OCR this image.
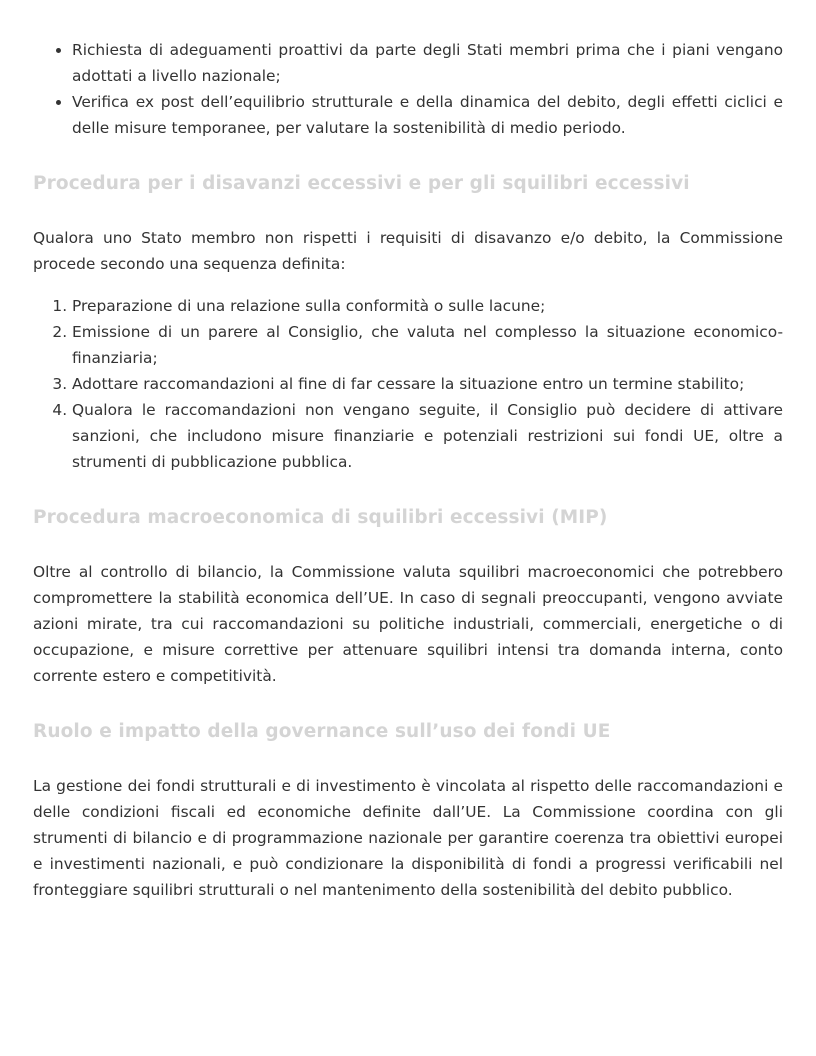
• Richiesta di adeguamenti proattivi da parte degli Stati membri prima che i piani vengano adottati a livello nazionale;
• Verifica ex post dell’equilibrio strutturale e della dinamica del debito, degli effetti ciclici e delle misure temporanee, per valutare la sostenibilità di medio periodo.
Procedura per i disavanzi eccessivi e per gli squilibri eccessivi

Qualora uno Stato membro non rispetti i requisiti di disavanzo e/o debito, la Commissione procede secondo una sequenza definita:

1. Preparazione di una relazione sulla conformità o sulle lacune;
2. Emissione di un parere al Consiglio, che valuta nel complesso la situazione economico-finanziaria;
3. Adottare raccomandazioni al fine di far cessare la situazione entro un termine stabilito;
4. Qualora le raccomandazioni non vengano seguite, il Consiglio può decidere di attivare sanzioni, che includono misure finanziarie e potenziali restrizioni sui fondi UE, oltre a strumenti di pubblicazione pubblica.
Procedura macroeconomica di squilibri eccessivi (MIP)

Oltre al controllo di bilancio, la Commissione valuta squilibri macroeconomici che potrebbero compromettere la stabilità economica dell’UE. In caso di segnali preoccupanti, vengono avviate azioni mirate, tra cui raccomandazioni su politiche industriali, commerciali, energetiche o di occupazione, e misure correttive per attenuare squilibri intensi tra domanda interna, conto corrente estero e competitività.

Ruolo e impatto della governance sull’uso dei fondi UE

La gestione dei fondi strutturali e di investimento è vincolata al rispetto delle raccomandazioni e delle condizioni fiscali ed economiche definite dall’UE. La Commissione coordina con gli strumenti di bilancio e di programmazione nazionale per garantire coerenza tra obiettivi europei e investimenti nazionali, e può condizionare la disponibilità di fondi a progressi verificabili nel fronteggiare squilibri strutturali o nel mantenimento della sostenibilità del debito pubblico.
